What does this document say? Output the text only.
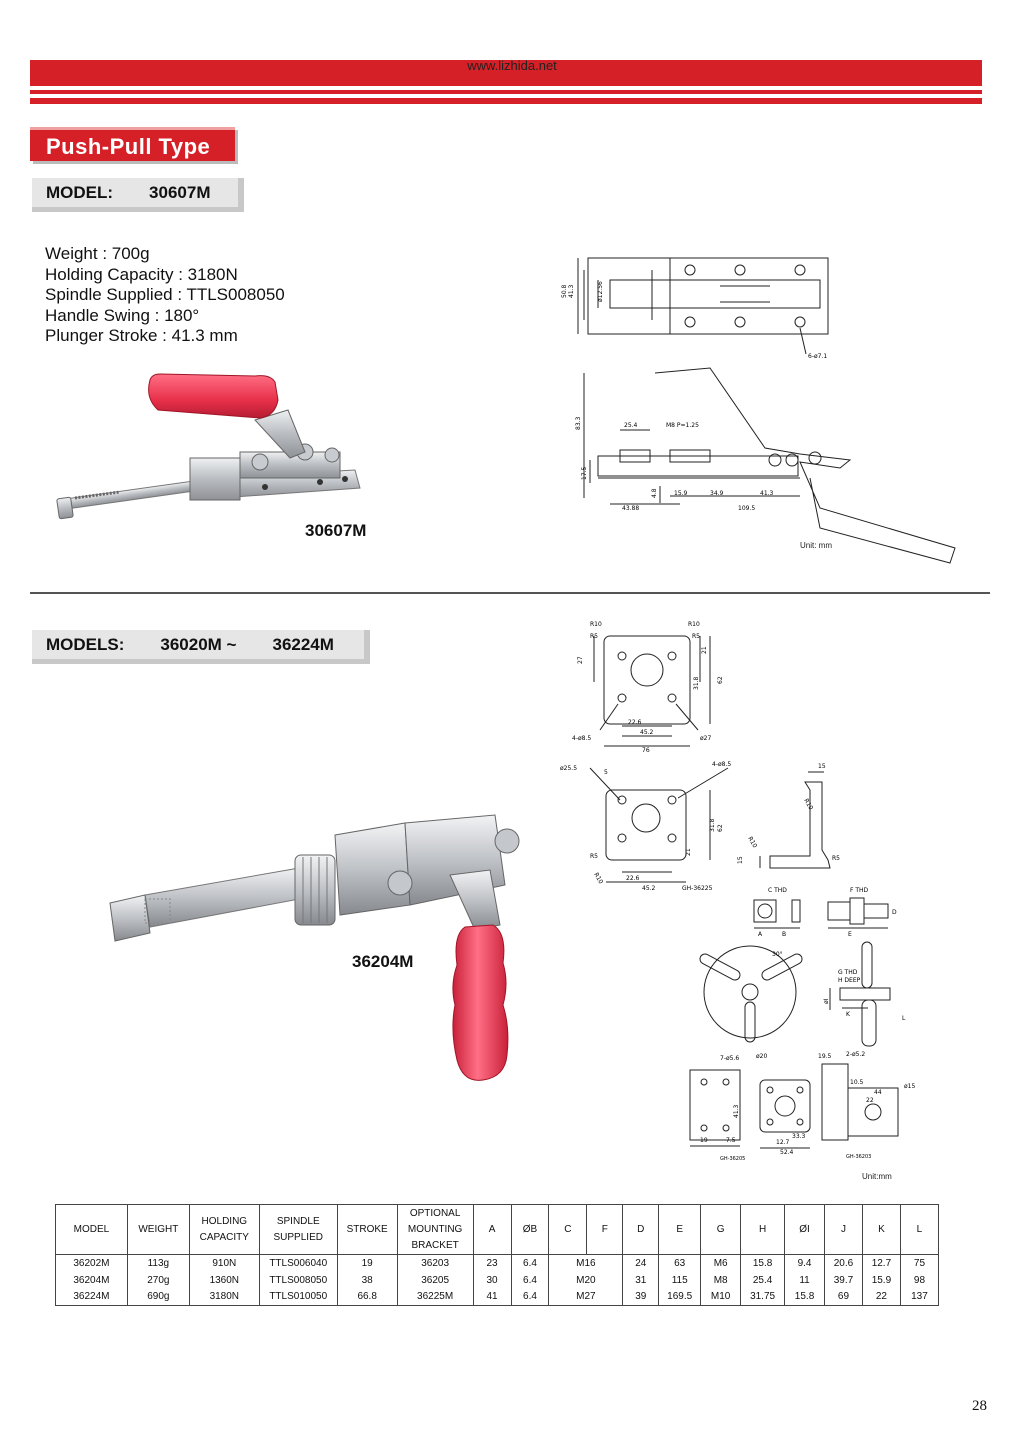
www.lizhida.net
Push-Pull Type
MODEL: 30607M
Weight : 700g
Holding Capacity : 3180N
Spindle Supplied : TTLS008050
Handle Swing : 180°
Plunger Stroke : 41.3 mm
30607M
50.8 41.3	ø12.56
6-ø7.1
83.3	25.4	M8 P=1.25
17.5
4.8	15.9	34.9	41.3
43.88	109.5
Unit: mm
MODELS: 36020M ~ 36224M
36204M
R10
R5
R10
R5
27
21
31.8	62
22.6
45.2
76
4-ø8.5	ø27
ø25.5
5
4-ø8.5	15
R10
31.8 62
21
R5
R10	22.6
45.2	GH-36225
R10
15	R5
C THD	F THD
A	B	E
D
30°
G THD
H DEEP
K
L
øI
7-ø5.6	ø20	19.5 2-ø5.2
44
ø15
22
41.3
19	7.5	12.7
33.3
52.4
10.5
GH-36205	GH-36203
Unit:mm
MODEL	WEIGHT	HOLDING CAPACITY	SPINDLE SUPPLIED	STROKE	OPTIONAL MOUNTING BRACKET	A	ØB	C	F	D	E	G	H	ØI	J	K	L
36202M	113g	910N	TTLS006040	19	36203	23	6.4	M16		24	63	M6	15.8	9.4	20.6	12.7	75
36204M	270g	1360N	TTLS008050	38	36205	30	6.4	M20		31	115	M8	25.4	11	39.7	15.9	98
36224M	690g	3180N	TTLS010050	66.8	36225M	41	6.4	M27		39	169.5	M10	31.75	15.8	69	22	137
28
